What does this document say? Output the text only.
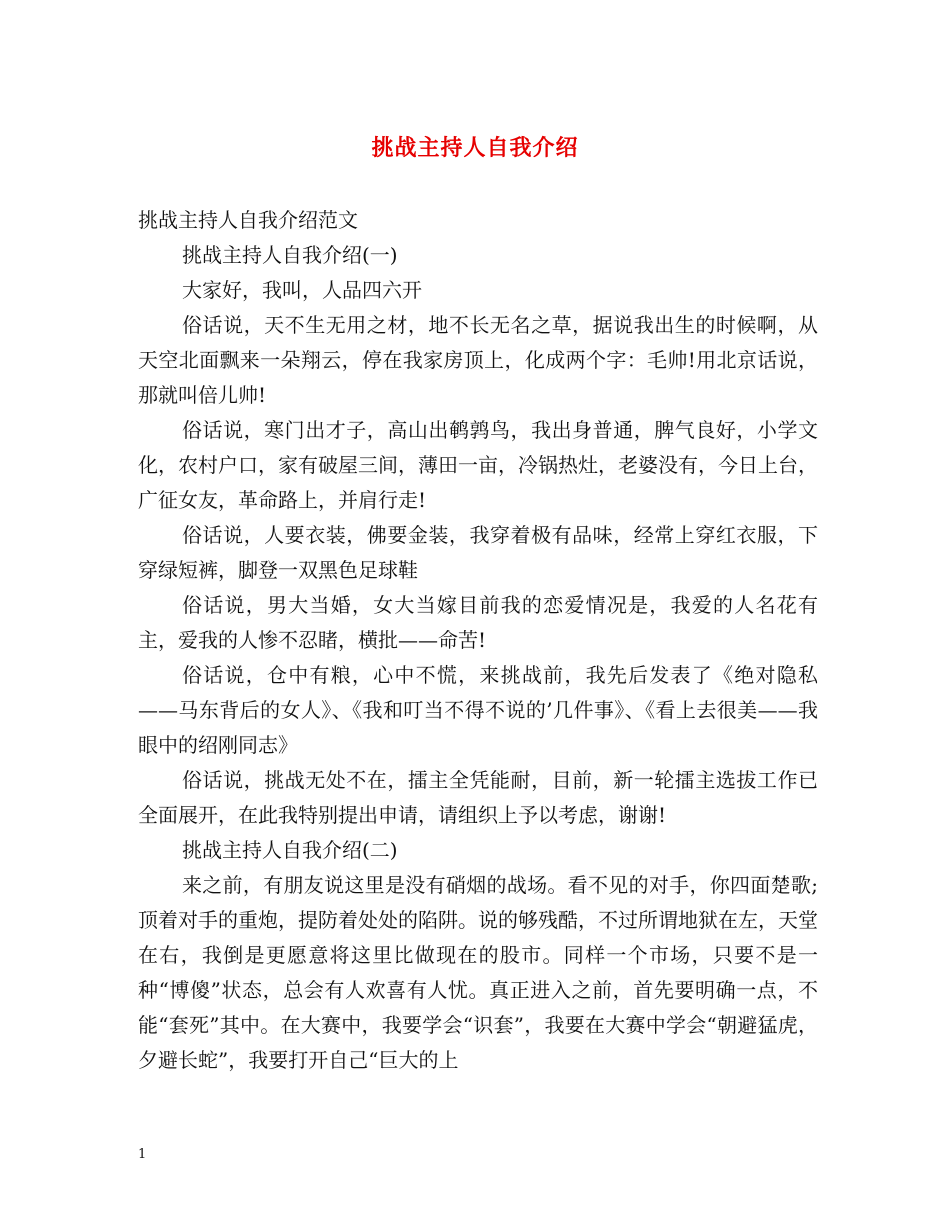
挑战主持人自我介绍

挑战主持人自我介绍范文

挑战主持人自我介绍(一)

大家好，我叫，人品四六开

俗话说，天不生无用之材，地不长无名之草，据说我出生的时候啊，从天空北面飘来一朵翔云，停在我家房顶上，化成两个字：毛帅!用北京话说，那就叫倍儿帅!

俗话说，寒门出才子，高山出鹌鹑鸟，我出身普通，脾气良好，小学文化，农村户口，家有破屋三间，薄田一亩，冷锅热灶，老婆没有，今日上台，广征女友，革命路上，并肩行走!

俗话说，人要衣装，佛要金装，我穿着极有品味，经常上穿红衣服，下穿绿短裤，脚登一双黑色足球鞋

俗话说，男大当婚，女大当嫁目前我的恋爱情况是，我爱的人名花有主，爱我的人惨不忍睹，横批——命苦!

俗话说，仓中有粮，心中不慌，来挑战前，我先后发表了《绝对隐私——马东背后的女人》、《我和叮当不得不说的’几件事》、《看上去很美——我眼中的绍刚同志》

俗话说，挑战无处不在，擂主全凭能耐，目前，新一轮擂主选拔工作已全面展开，在此我特别提出申请，请组织上予以考虑，谢谢!

挑战主持人自我介绍(二)

来之前，有朋友说这里是没有硝烟的战场。看不见的对手，你四面楚歌;顶着对手的重炮，提防着处处的陷阱。说的够残酷，不过所谓地狱在左，天堂在右，我倒是更愿意将这里比做现在的股市。同样一个市场，只要不是一种“博傻”状态，总会有人欢喜有人忧。真正进入之前，首先要明确一点，不能“套死”其中。在大赛中，我要学会“识套”，我要在大赛中学会“朝避猛虎，夕避长蛇”，我要打开自己“巨大的上

1
